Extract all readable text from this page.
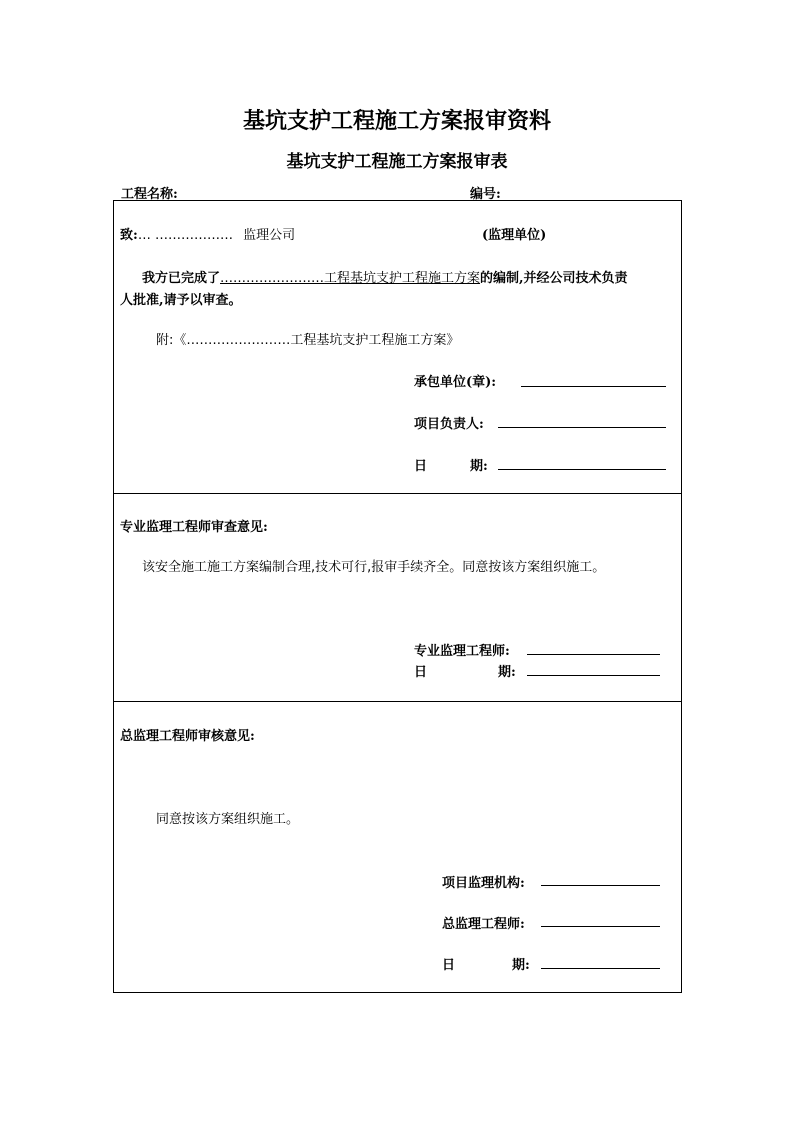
基坑支护工程施工方案报审资料
基坑支护工程施工方案报审表
工程名称:	编号:
致:… ……………… 监理公司	(监理单位)
我方已完成了……………………工程基坑支护工程施工方案的编制,并经公司技术负责
人批准,请予以审查。
附:《……………………工程基坑支护工程施工方案》
承包单位(章):
项目负责人:
日	期:
专业监理工程师审查意见:
该安全施工施工方案编制合理,技术可行,报审手续齐全。同意按该方案组织施工。
专业监理工程师:
日	期:
总监理工程师审核意见:
同意按该方案组织施工。
项目监理机构:
总监理工程师:
日	期:
